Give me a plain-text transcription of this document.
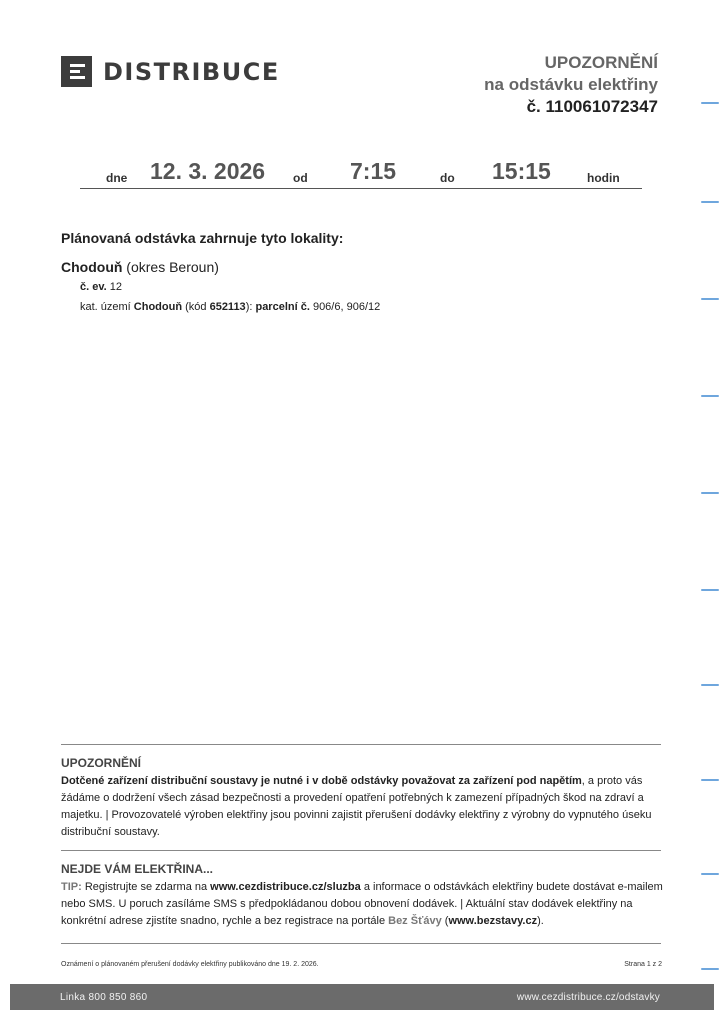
DISTRIBUCE	UPOZORNĚNÍ
na odstávku elektřiny
č. 110061072347
dne 12. 3. 2026 od 7:15	do 15:15	hodin
Plánovaná odstávka zahrnuje tyto lokality:
Chodouň (okres Beroun)
č. ev. 12
kat. území Chodouň (kód 652113): parcelní č. 906/6, 906/12
UPOZORNĚNÍ
Dotčené zařízení distribuční soustavy je nutné i v době odstávky považovat za zařízení pod napětím, a proto vás žádáme o dodržení všech zásad bezpečnosti a provedení opatření potřebných k zamezení případných škod na zdraví a majetku. | Provozovatelé výroben elektřiny jsou povinni zajistit přerušení dodávky elektřiny z výrobny do vypnutého úseku distribuční soustavy.
NEJDE VÁM ELEKTŘINA...
TIP: Registrujte se zdarma na www.cezdistribuce.cz/sluzba a informace o odstávkách elektřiny budete dostávat e-mailem nebo SMS. U poruch zasíláme SMS s předpokládanou dobou obnovení dodávek. | Aktuální stav dodávek elektřiny na konkrétní adrese zjistíte snadno, rychle a bez registrace na portále Bez Šťávy (www.bezstavy.cz).
Oznámení o plánovaném přerušení dodávky elektřiny publikováno dne 19. 2. 2026.	Strana 1 z 2
Linka 800 850 860	www.cezdistribuce.cz/odstavky
